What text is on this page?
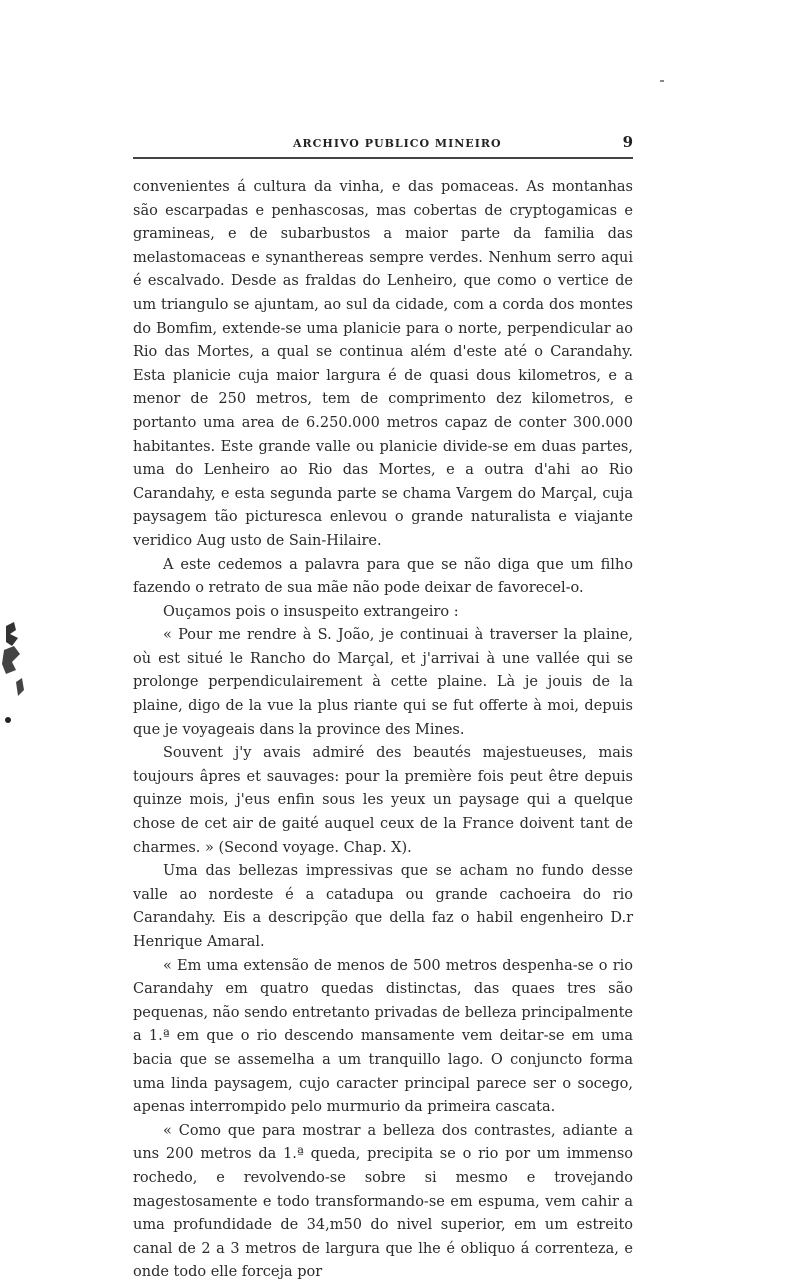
ARCHIVO PUBLICO MINEIRO	9

convenientes á cultura da vinha, e das pomaceas. As montanhas são escarpadas e penhascosas, mas cobertas de cryptogamicas e gramineas, e de subarbustos a maior parte da familia das melastomaceas e synanthereas sempre verdes. Nenhum serro aqui é escalvado. Desde as fraldas do Lenheiro, que como o vertice de um triangulo se ajuntam, ao sul da cidade, com a corda dos montes do Bomfim, extende-se uma planicie para o norte, perpendicular ao Rio das Mortes, a qual se continua além d'este até o Carandahy. Esta planicie cuja maior largura é de quasi dous kilometros, e a menor de 250 metros, tem de comprimento dez kilometros, e portanto uma area de 6.250.000 metros capaz de conter 300.000 habitantes. Este grande valle ou planicie divide-se em duas partes, uma do Lenheiro ao Rio das Mortes, e a outra d'ahi ao Rio Carandahy, e esta segunda parte se chama Vargem do Marçal, cuja paysagem tão picturesca enlevou o grande naturalista e viajante veridico Aug usto de Sain-Hilaire.

A este cedemos a palavra para que se não diga que um filho fazendo o retrato de sua mãe não pode deixar de favorecel-o.

Ouçamos pois o insuspeito extrangeiro :

« Pour me rendre à S. João, je continuai à traverser la plaine, où est situé le Rancho do Marçal, et j'arrivai à une vallée qui se prolonge perpendiculairement à cette plaine. Là je jouis de la plaine, digo de la vue la plus riante qui se fut offerte à moi, depuis que je voyageais dans la province des Mines.

Souvent j'y avais admiré des beautés majestueuses, mais toujours âpres et sauvages: pour la première fois peut être depuis quinze mois, j'eus enfin sous les yeux un paysage qui a quelque chose de cet air de gaité auquel ceux de la France doivent tant de charmes. » (Second voyage. Chap. X).

Uma das bellezas impressivas que se acham no fundo desse valle ao nordeste é a catadupa ou grande cachoeira do rio Carandahy. Eis a descripção que della faz o habil engenheiro D.r Henrique Amaral.

« Em uma extensão de menos de 500 metros despenha-se o rio Carandahy em quatro quedas distinctas, das quaes tres são pequenas, não sendo entretanto privadas de belleza principalmente a 1.ª em que o rio descendo mansamente vem deitar-se em uma bacia que se assemelha a um tranquillo lago. O conjuncto forma uma linda paysagem, cujo caracter principal parece ser o socego, apenas interrompido pelo murmurio da primeira cascata.

« Como que para mostrar a belleza dos contrastes, adiante a uns 200 metros da 1.ª queda, precipita se o rio por um immenso rochedo, e revolvendo-se sobre si mesmo e trovejando magestosamente e todo transformando-se em espuma, vem cahir a uma profundidade de 34,m50 do nivel superior, em um estreito canal de 2 a 3 metros de largura que lhe é obliquo á correnteza, e onde todo elle forceja por
